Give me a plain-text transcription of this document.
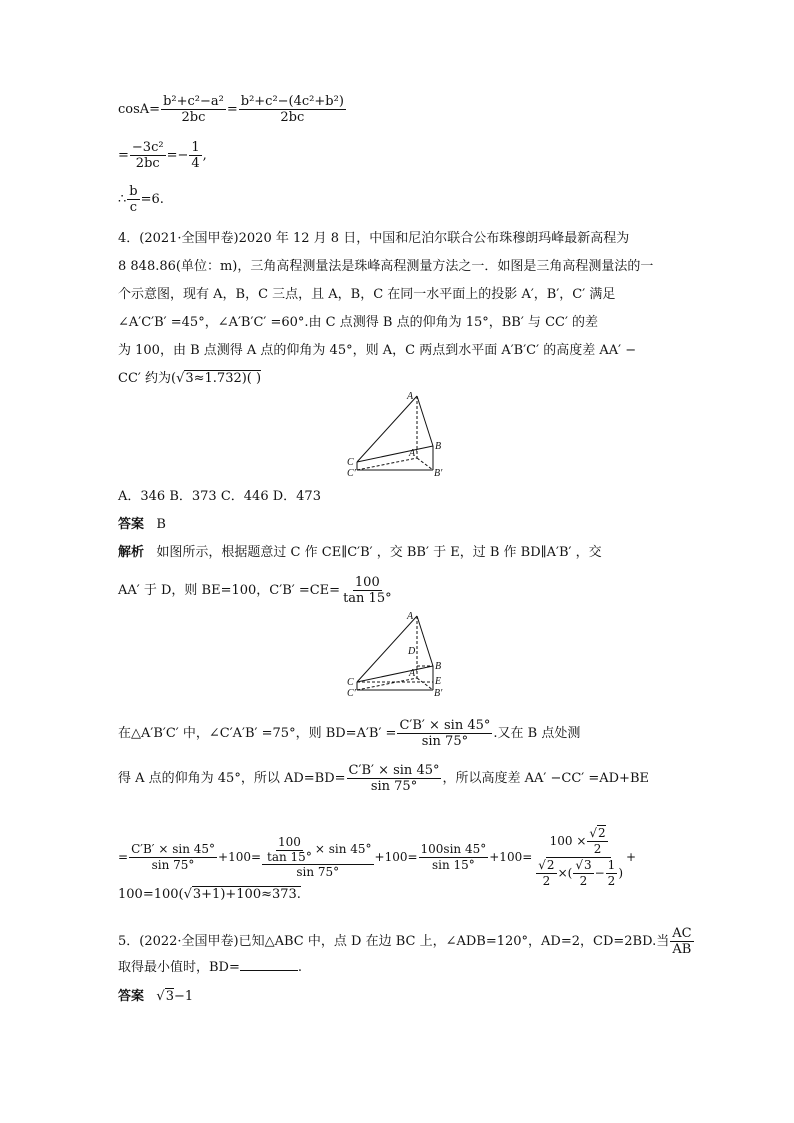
$\cos A= \frac{\text{b²+c²−a²}}{2bc} = \frac{\text{b²+c²−(4c²+b²)}}{2bc}$
= $\frac{\text{−3c²}}{2bc} =- \frac{1}{4}$ ,
∴ $\frac{b}{c} =6$.
4．(2021·全国甲卷)2020 年 12 月 8 日，中国和尼泊尔联合公布珠穆朗玛峰最新高程为
8 848.86(单位：m)，三角高程测量法是珠峰高程测量方法之一．如图是三角高程测量法的一
个示意图，现有 A，B，C 三点，且 A，B，C 在同一水平面上的投影 A′，B′，C′ 满足
∠A′C′B′ =45°，∠A′B′C′ =60°.由 C 点测得 B 点的仰角为 15°，BB′ 与 CC′ 的差
为 100，由 B 点测得 A 点的仰角为 45°，则 A，C 两点到水平面 A′B′C′ 的高度差 AA′ −
CC′ 约为(√3≈1.732)( )
A
B
C
C′
A′
B′
A．346 B．373 C．446 D．473
答案 B
解析 如图所示，根据题意过 C 作 CE∥C′B′ ，交 BB′ 于 E，过 B 作 BD∥A′B′ ，交
AA′ 于 D，则 BE=100，$C'B' =CE= \frac{100}{\tan 15^\circ}$
A
D
B
C
C′
A′
E
B′
在△A′B′C′ 中，∠C′A′B′ =75°，则 $BD=A'B' = \frac{C'B' \times \sin 45^\circ}{\sin 75^\circ}$ .又在 B 点处测
得 A 点的仰角为 45°，所以 $AD=BD= \frac{C'B' \times \sin 45^\circ}{\sin 75^\circ}$ ，所以高度差 AA′ −CC′ =AD+BE
= $\frac{C'B' \times \sin 45^\circ}{\sin 75^\circ} +100= \frac{\frac{100}{\tan 15^\circ} \times \sin 45^\circ}{\sin 75^\circ} +100= \frac{100\sin 45^\circ}{\sin 15^\circ} +100= \frac{100 \times \frac{√2}{2}}{\frac{√2}{2} \times( \frac{√3}{2} - \frac{1}{2} )}$ +
100=100(√3+1)+100≈373.
5．(2022·全国甲卷)已知△ABC 中，点 D 在边 BC 上，∠ADB=120°，AD=2，CD=2BD.当 $\frac{AC}{AB}$
取得最小值时，BD=	.
答案   √3−1
